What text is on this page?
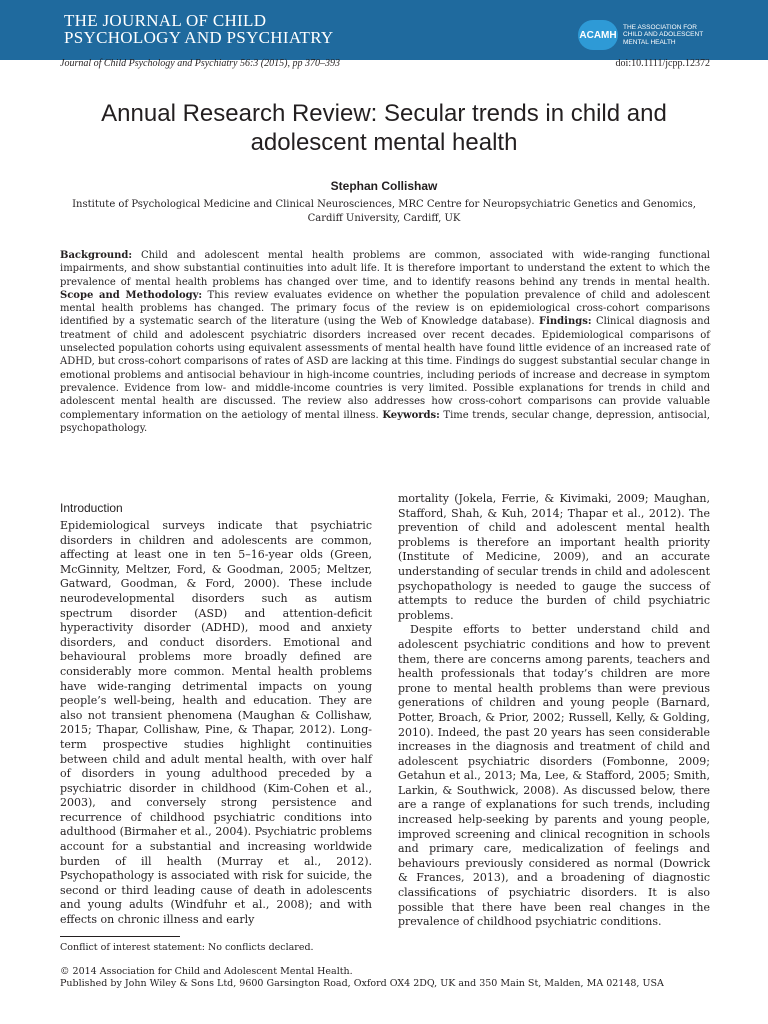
THE JOURNAL OF CHILD
PSYCHOLOGY AND PSYCHIATRY	ACAMH
THE ASSOCIATION FOR CHILD AND ADOLESCENT MENTAL HEALTH
Journal of Child Psychology and Psychiatry 56:3 (2015), pp 370–393	doi:10.1111/jcpp.12372
Annual Research Review: Secular trends in child and adolescent mental health
Stephan Collishaw
Institute of Psychological Medicine and Clinical Neurosciences, MRC Centre for Neuropsychiatric Genetics and Genomics, Cardiff University, Cardiff, UK

Background: Child and adolescent mental health problems are common, associated with wide-ranging functional impairments, and show substantial continuities into adult life. It is therefore important to understand the extent to which the prevalence of mental health problems has changed over time, and to identify reasons behind any trends in mental health. Scope and Methodology: This review evaluates evidence on whether the population prevalence of child and adolescent mental health problems has changed. The primary focus of the review is on epidemiological cross-cohort comparisons identified by a systematic search of the literature (using the Web of Knowledge database). Findings: Clinical diagnosis and treatment of child and adolescent psychiatric disorders increased over recent decades. Epidemiological comparisons of unselected population cohorts using equivalent assessments of mental health have found little evidence of an increased rate of ADHD, but cross-cohort comparisons of rates of ASD are lacking at this time. Findings do suggest substantial secular change in emotional problems and antisocial behaviour in high-income countries, including periods of increase and decrease in symptom prevalence. Evidence from low- and middle-income countries is very limited. Possible explanations for trends in child and adolescent mental health are discussed. The review also addresses how cross-cohort comparisons can provide valuable complementary information on the aetiology of mental illness. Keywords: Time trends, secular change, depression, antisocial, psychopathology.

Introduction

Epidemiological surveys indicate that psychiatric disorders in children and adolescents are common, affecting at least one in ten 5–16-year olds (Green, McGinnity, Meltzer, Ford, & Goodman, 2005; Meltzer, Gatward, Goodman, & Ford, 2000). These include neurodevelopmental disorders such as autism spectrum disorder (ASD) and attention-deficit hyperactivity disorder (ADHD), mood and anxiety disorders, and conduct disorders. Emotional and behavioural problems more broadly defined are considerably more common. Mental health problems have wide-ranging detrimental impacts on young people’s well-being, health and education. They are also not transient phenomena (Maughan & Collishaw, 2015; Thapar, Collishaw, Pine, & Thapar, 2012). Long-term prospective studies highlight continuities between child and adult mental health, with over half of disorders in young adulthood preceded by a psychiatric disorder in childhood (Kim-Cohen et al., 2003), and conversely strong persistence and recurrence of childhood psychiatric conditions into adulthood (Birmaher et al., 2004). Psychiatric problems account for a substantial and increasing worldwide burden of ill health (Murray et al., 2012). Psychopathology is associated with risk for suicide, the second or third leading cause of death in adolescents and young adults (Windfuhr et al., 2008); and with effects on chronic illness and early

mortality (Jokela, Ferrie, & Kivimaki, 2009; Maughan, Stafford, Shah, & Kuh, 2014; Thapar et al., 2012). The prevention of child and adolescent mental health problems is therefore an important health priority (Institute of Medicine, 2009), and an accurate understanding of secular trends in child and adolescent psychopathology is needed to gauge the success of attempts to reduce the burden of child psychiatric problems.

Despite efforts to better understand child and adolescent psychiatric conditions and how to prevent them, there are concerns among parents, teachers and health professionals that today’s children are more prone to mental health problems than were previous generations of children and young people (Barnard, Potter, Broach, & Prior, 2002; Russell, Kelly, & Golding, 2010). Indeed, the past 20 years has seen considerable increases in the diagnosis and treatment of child and adolescent psychiatric disorders (Fombonne, 2009; Getahun et al., 2013; Ma, Lee, & Stafford, 2005; Smith, Larkin, & Southwick, 2008). As discussed below, there are a range of explanations for such trends, including increased help-seeking by parents and young people, improved screening and clinical recognition in schools and primary care, medicalization of feelings and behaviours previously considered as normal (Dowrick & Frances, 2013), and a broadening of diagnostic classifications of psychiatric disorders. It is also possible that there have been real changes in the prevalence of childhood psychiatric conditions.

Conflict of interest statement: No conflicts declared.
© 2014 Association for Child and Adolescent Mental Health.
Published by John Wiley & Sons Ltd, 9600 Garsington Road, Oxford OX4 2DQ, UK and 350 Main St, Malden, MA 02148, USA
